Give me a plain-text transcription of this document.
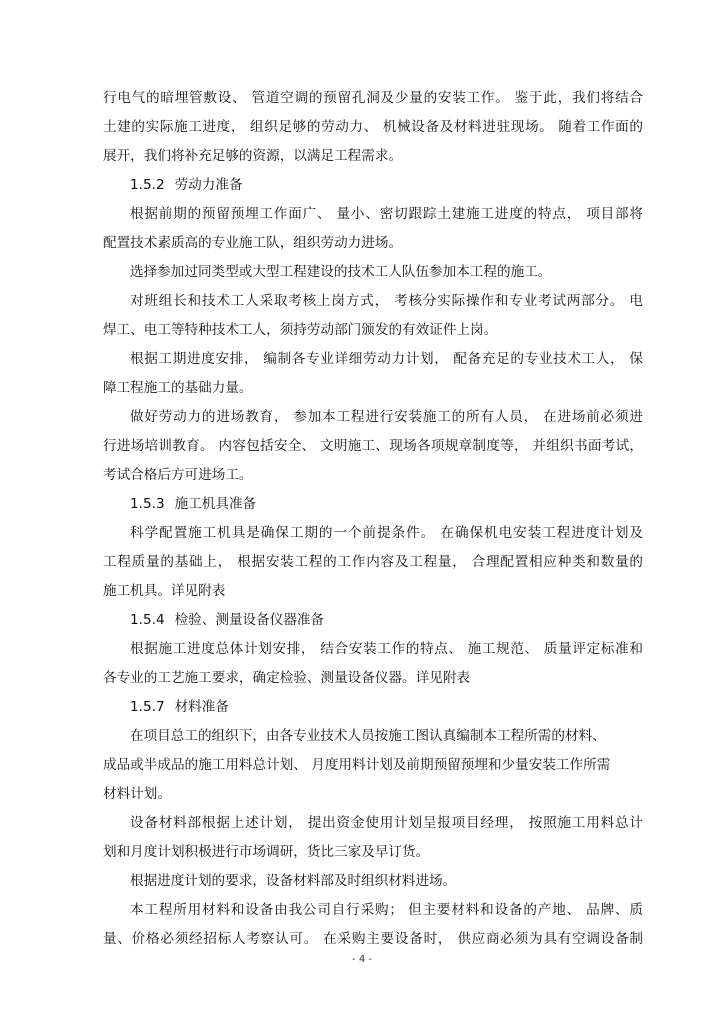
行电气的暗埋管敷设、 管道空调的预留孔洞及少量的安装工作。 鉴于此，我们将结合
土建的实际施工进度， 组织足够的劳动力、 机械设备及材料进驻现场。 随着工作面的
展开，我们将补充足够的资源，以满足工程需求。
1.5.2 劳动力准备
根据前期的预留预埋工作面广、 量小、密切跟踪土建施工进度的特点， 项目部将
配置技术素质高的专业施工队，组织劳动力进场。
选择参加过同类型或大型工程建设的技术工人队伍参加本工程的施工。
对班组长和技术工人采取考核上岗方式， 考核分实际操作和专业考试两部分。 电
焊工、电工等特种技术工人，须持劳动部门颁发的有效证件上岗。
根据工期进度安排， 编制各专业详细劳动力计划， 配备充足的专业技术工人， 保
障工程施工的基础力量。
做好劳动力的进场教育， 参加本工程进行安装施工的所有人员， 在进场前必须进
行进场培训教育。 内容包括安全、 文明施工、现场各项规章制度等， 并组织书面考试，
考试合格后方可进场工。
1.5.3 施工机具准备
科学配置施工机具是确保工期的一个前提条件。 在确保机电安装工程进度计划及
工程质量的基础上， 根据安装工程的工作内容及工程量， 合理配置相应种类和数量的
施工机具。详见附表
1.5.4 检验、测量设备仪器准备
根据施工进度总体计划安排， 结合安装工作的特点、 施工规范、 质量评定标准和
各专业的工艺施工要求，确定检验、测量设备仪器。详见附表
1.5.7 材料准备
在项目总工的组织下，由各专业技术人员按施工图认真编制本工程所需的材料、
成品或半成品的施工用料总计划、 月度用料计划及前期预留预埋和少量安装工作所需
材料计划。
设备材料部根据上述计划， 提出资金使用计划呈报项目经理， 按照施工用料总计
划和月度计划积极进行市场调研，货比三家及早订货。
根据进度计划的要求，设备材料部及时组织材料进场。
本工程所用材料和设备由我公司自行采购； 但主要材料和设备的产地、 品牌、质
量、价格必须经招标人考察认可。 在采购主要设备时， 供应商必须为具有空调设备制
- 4 -
